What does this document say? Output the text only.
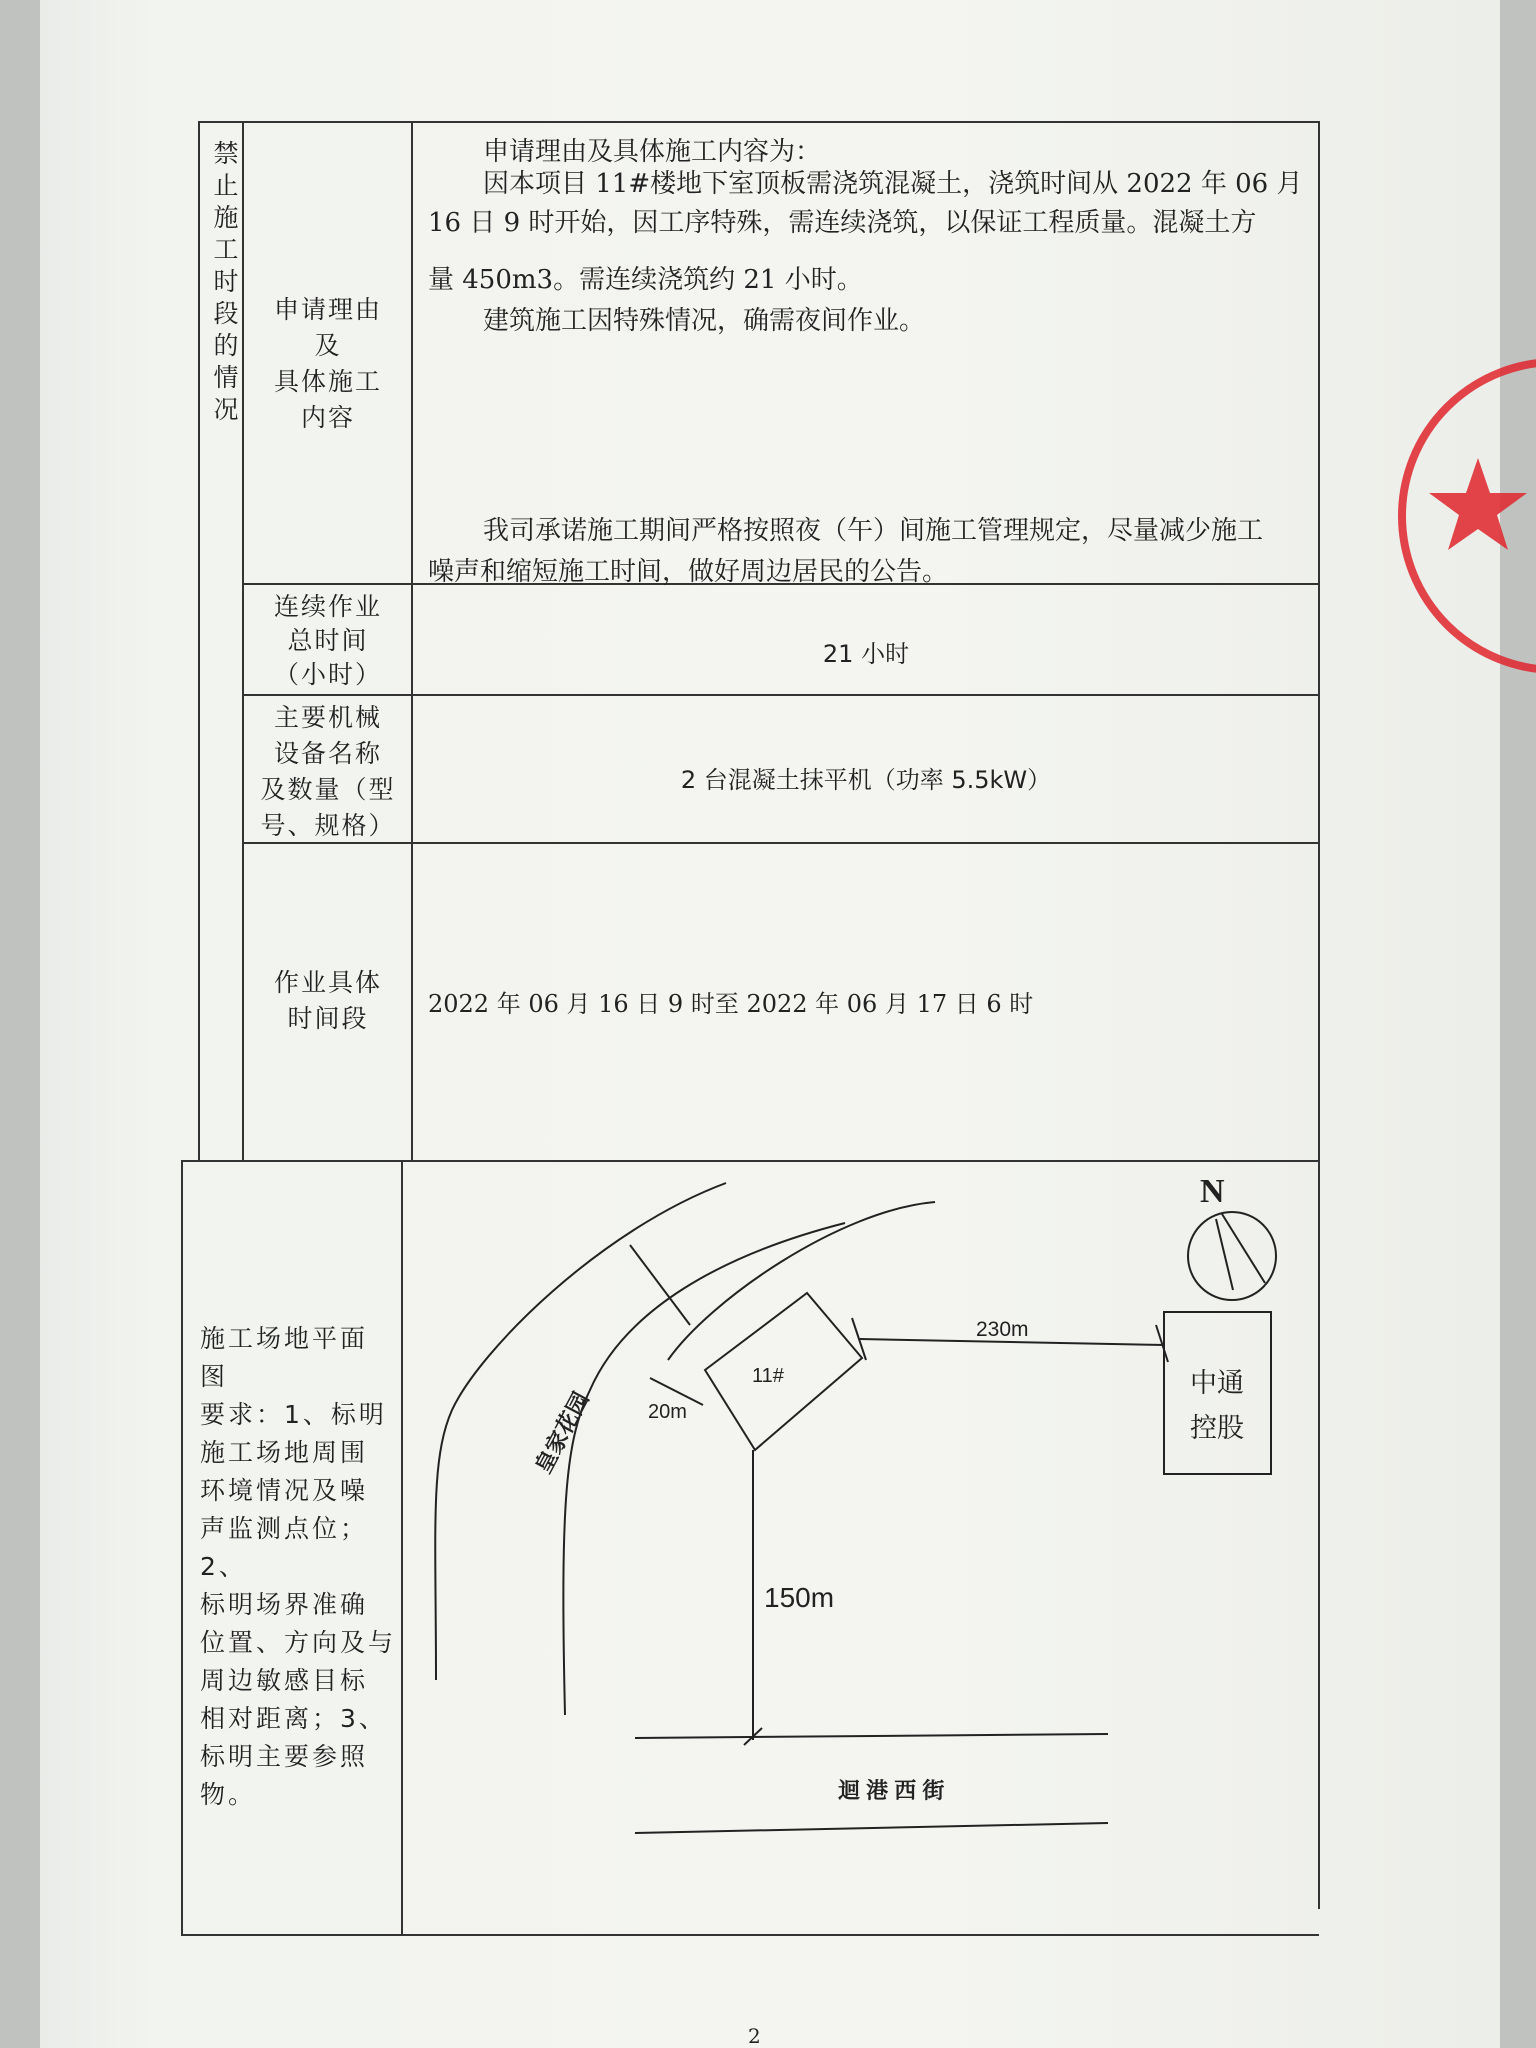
禁
止
施
工
时
段
的
情
况
申请理由
及
具体施工
内容
申请理由及具体施工内容为：
因本项目 11#楼地下室顶板需浇筑混凝土，浇筑时间从 2022 年 06 月
16 日 9 时开始，因工序特殊，需连续浇筑，以保证工程质量。混凝土方
量 450m3。需连续浇筑约 21 小时。
建筑施工因特殊情况，确需夜间作业。
我司承诺施工期间严格按照夜（午）间施工管理规定，尽量减少施工
噪声和缩短施工时间，做好周边居民的公告。
连续作业
总时间
（小时）
21 小时
主要机械
设备名称
及数量（型
号、规格）
2 台混凝土抹平机（功率 5.5kW）
作业具体
时间段	2022 年 06 月 16 日 9 时至 2022 年 06 月 17 日 6 时
施工场地平面
图
要求：1、标明
施工场地周围
环境情况及噪
声监测点位；2、
标明场界准确
位置、方向及与
周边敏感目标
相对距离；3、
标明主要参照
物。
N
11#
20m
230m
150m
中通
控股
皇家花园
迴 港 西 街
2
